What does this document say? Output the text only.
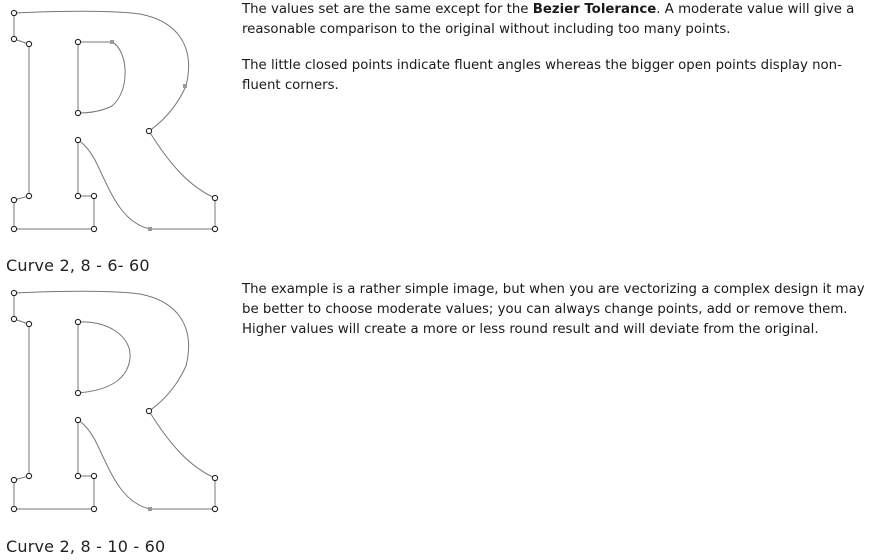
Curve 2, 8 - 6- 60
Curve 2, 8 - 10 - 60

The values set are the same except for the Bezier Tolerance. A moderate value will give a reasonable comparison to the original without including too many points.

The little closed points indicate fluent angles whereas the bigger open points display non-fluent corners.

The example is a rather simple image, but when you are vectorizing a complex design it may be better to choose moderate values; you can always change points, add or remove them. Higher values will create a more or less round result and will deviate from the original.
